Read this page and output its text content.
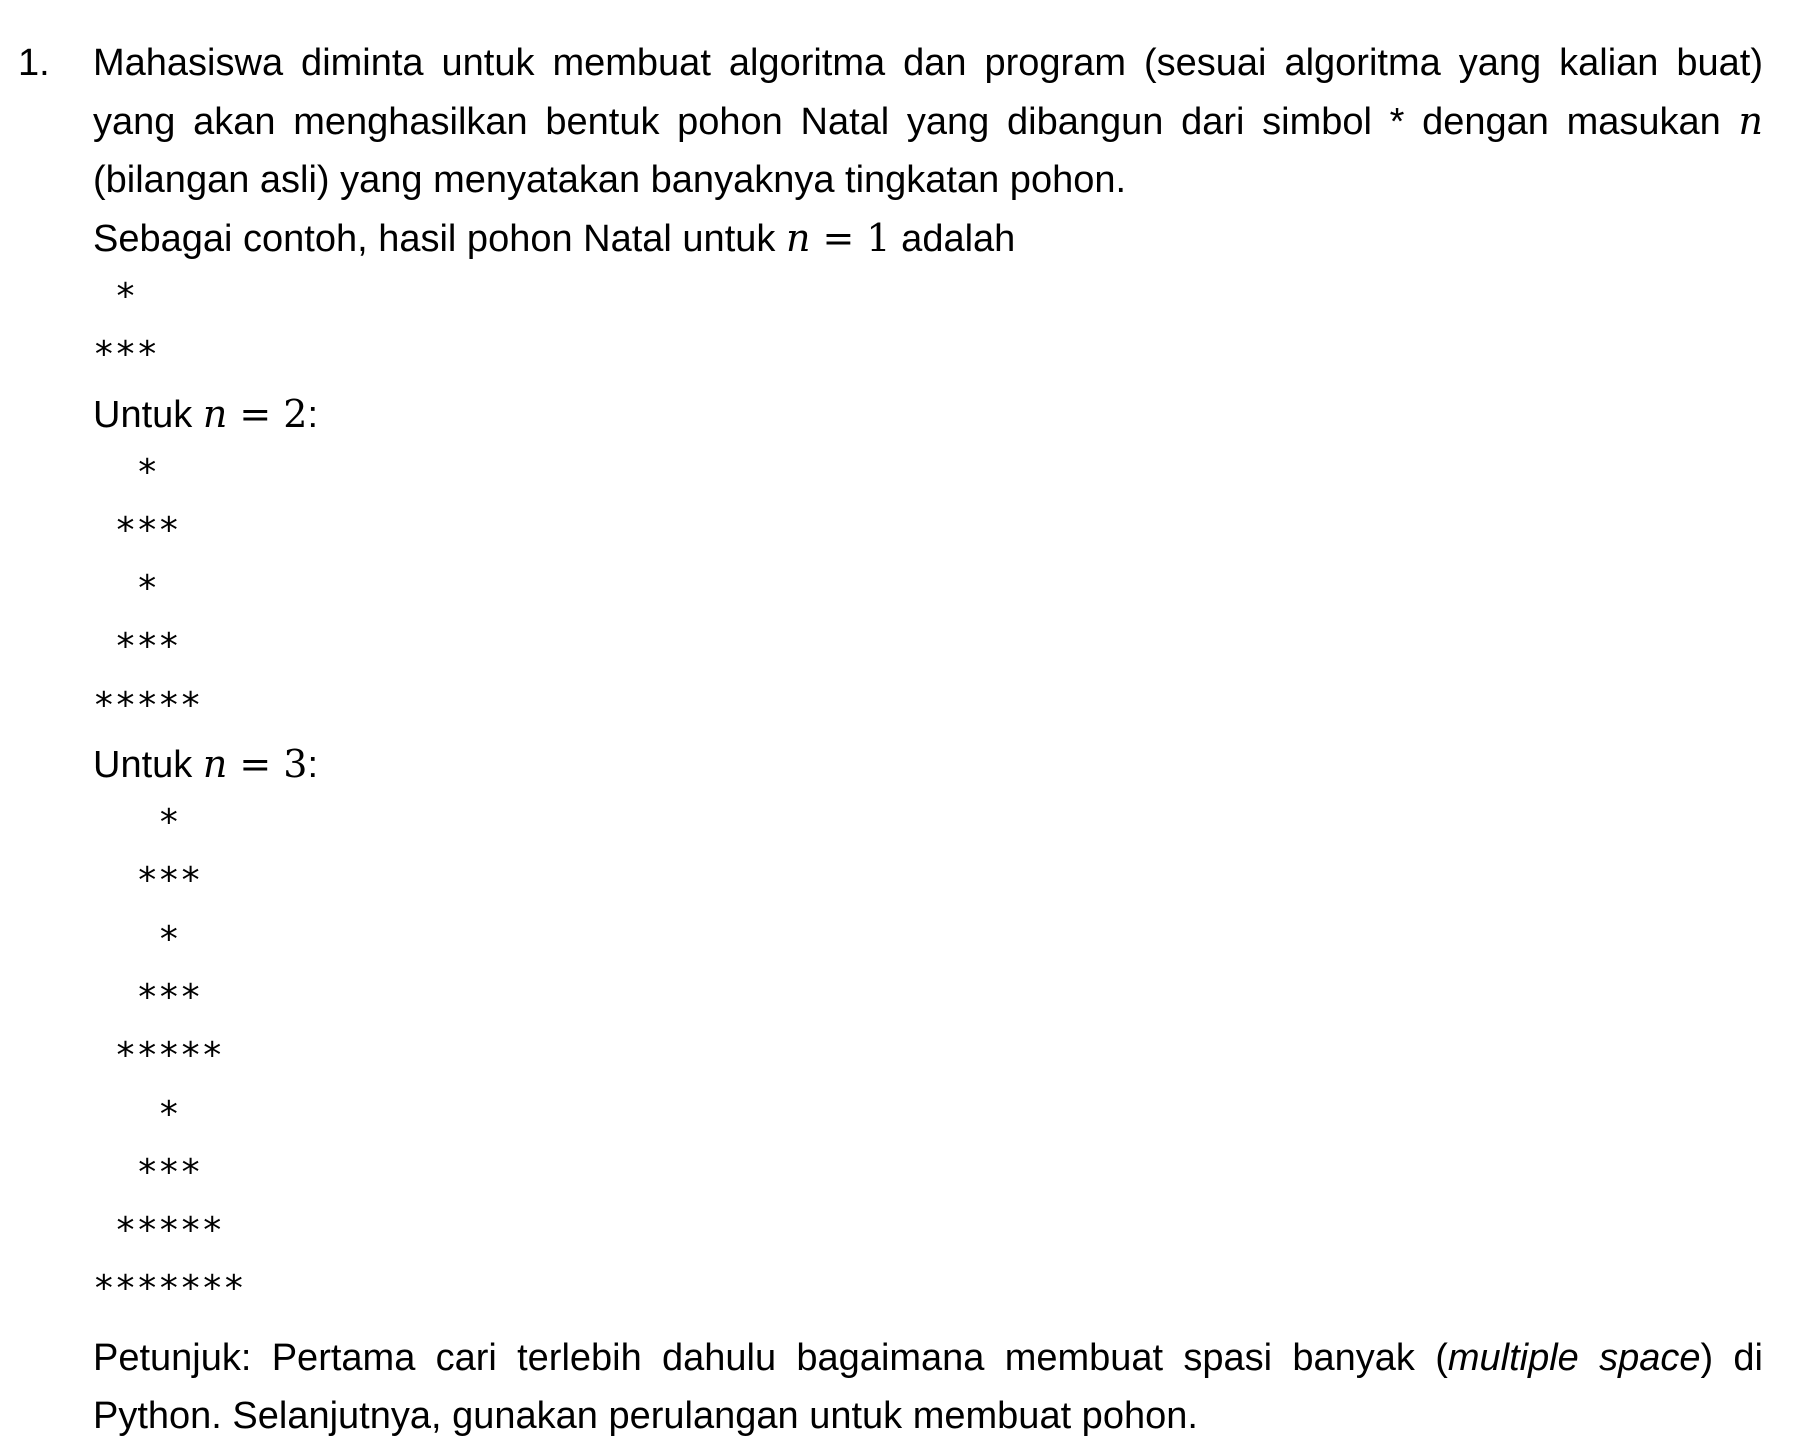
1. Mahasiswa diminta untuk membuat algoritma dan program (sesuai algoritma yang kalian buat) yang akan menghasilkan bentuk pohon Natal yang dibangun dari simbol * dengan masukan n (bilangan asli) yang menyatakan banyaknya tingkatan pohon.

Sebagai contoh, hasil pohon Natal untuk n = 1 adalah

*
***

Untuk n = 2:

*
***
*
***
*****

Untuk n = 3:

*
***
*
***
*****
*
***
*****
*******

Petunjuk: Pertama cari terlebih dahulu bagaimana membuat spasi banyak (multiple space) di Python. Selanjutnya, gunakan perulangan untuk membuat pohon.
